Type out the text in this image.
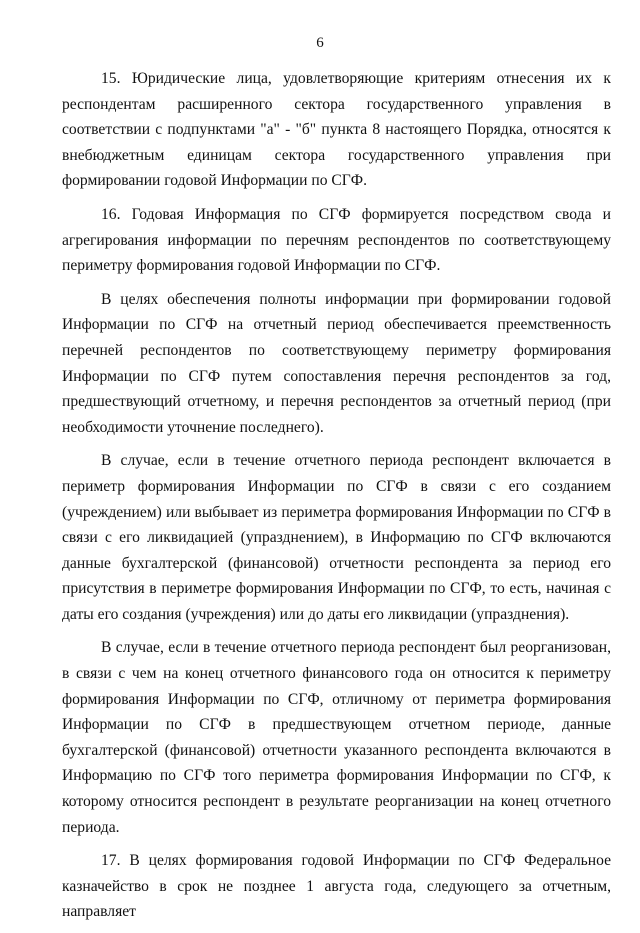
6

15. Юридические лица, удовлетворяющие критериям отнесения их к респондентам расширенного сектора государственного управления в соответствии с подпунктами "а" - "б" пункта 8 настоящего Порядка, относятся к внебюджетным единицам сектора государственного управления при формировании годовой Информации по СГФ.

16. Годовая Информация по СГФ формируется посредством свода и агрегирования информации по перечням респондентов по соответствующему периметру формирования годовой Информации по СГФ.

В целях обеспечения полноты информации при формировании годовой Информации по СГФ на отчетный период обеспечивается преемственность перечней респондентов по соответствующему периметру формирования Информации по СГФ путем сопоставления перечня респондентов за год, предшествующий отчетному, и перечня респондентов за отчетный период (при необходимости уточнение последнего).

В случае, если в течение отчетного периода респондент включается в периметр формирования Информации по СГФ в связи с его созданием (учреждением) или выбывает из периметра формирования Информации по СГФ в связи с его ликвидацией (упразднением), в Информацию по СГФ включаются данные бухгалтерской (финансовой) отчетности респондента за период его присутствия в периметре формирования Информации по СГФ, то есть, начиная с даты его создания (учреждения) или до даты его ликвидации (упразднения).

В случае, если в течение отчетного периода респондент был реорганизован, в связи с чем на конец отчетного финансового года он относится к периметру формирования Информации по СГФ, отличному от периметра формирования Информации по СГФ в предшествующем отчетном периоде, данные бухгалтерской (финансовой) отчетности указанного респондента включаются в Информацию по СГФ того периметра формирования Информации по СГФ, к которому относится респондент в результате реорганизации на конец отчетного периода.

17. В целях формирования годовой Информации по СГФ Федеральное казначейство в срок не позднее 1 августа года, следующего за отчетным, направляет
